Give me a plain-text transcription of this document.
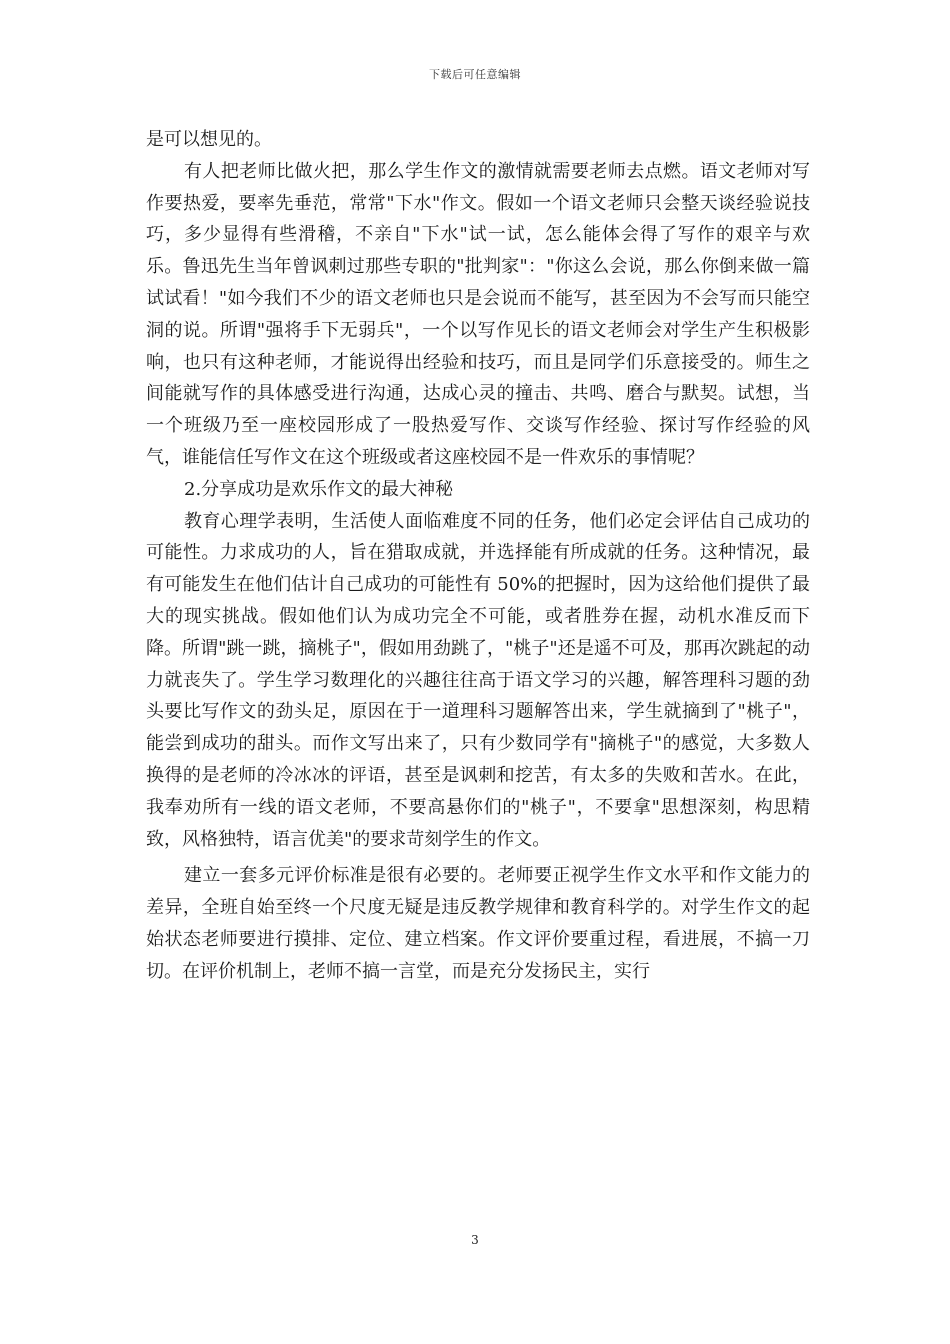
下载后可任意编辑

是可以想见的。

有人把老师比做火把，那么学生作文的激情就需要老师去点燃。语文老师对写作要热爱，要率先垂范，常常"下水"作文。假如一个语文老师只会整天谈经验说技巧，多少显得有些滑稽，不亲自"下水"试一试，怎么能体会得了写作的艰辛与欢乐。鲁迅先生当年曾讽刺过那些专职的"批判家"："你这么会说，那么你倒来做一篇试试看！"如今我们不少的语文老师也只是会说而不能写，甚至因为不会写而只能空洞的说。所谓"强将手下无弱兵"，一个以写作见长的语文老师会对学生产生积极影响，也只有这种老师，才能说得出经验和技巧，而且是同学们乐意接受的。师生之间能就写作的具体感受进行沟通，达成心灵的撞击、共鸣、磨合与默契。试想，当一个班级乃至一座校园形成了一股热爱写作、交谈写作经验、探讨写作经验的风气，谁能信任写作文在这个班级或者这座校园不是一件欢乐的事情呢？

2.分享成功是欢乐作文的最大神秘

教育心理学表明，生活使人面临难度不同的任务，他们必定会评估自己成功的可能性。力求成功的人，旨在猎取成就，并选择能有所成就的任务。这种情况，最有可能发生在他们估计自己成功的可能性有 50%的把握时，因为这给他们提供了最大的现实挑战。假如他们认为成功完全不可能，或者胜券在握，动机水准反而下降。所谓"跳一跳，摘桃子"，假如用劲跳了，"桃子"还是遥不可及，那再次跳起的动力就丧失了。学生学习数理化的兴趣往往高于语文学习的兴趣，解答理科习题的劲头要比写作文的劲头足，原因在于一道理科习题解答出来，学生就摘到了"桃子"，能尝到成功的甜头。而作文写出来了，只有少数同学有"摘桃子"的感觉，大多数人换得的是老师的冷冰冰的评语，甚至是讽刺和挖苦，有太多的失败和苦水。在此，我奉劝所有一线的语文老师，不要高悬你们的"桃子"，不要拿"思想深刻，构思精致，风格独特，语言优美"的要求苛刻学生的作文。

建立一套多元评价标准是很有必要的。老师要正视学生作文水平和作文能力的差异，全班自始至终一个尺度无疑是违反教学规律和教育科学的。对学生作文的起始状态老师要进行摸排、定位、建立档案。作文评价要重过程，看进展，不搞一刀切。在评价机制上，老师不搞一言堂，而是充分发扬民主，实行

3
